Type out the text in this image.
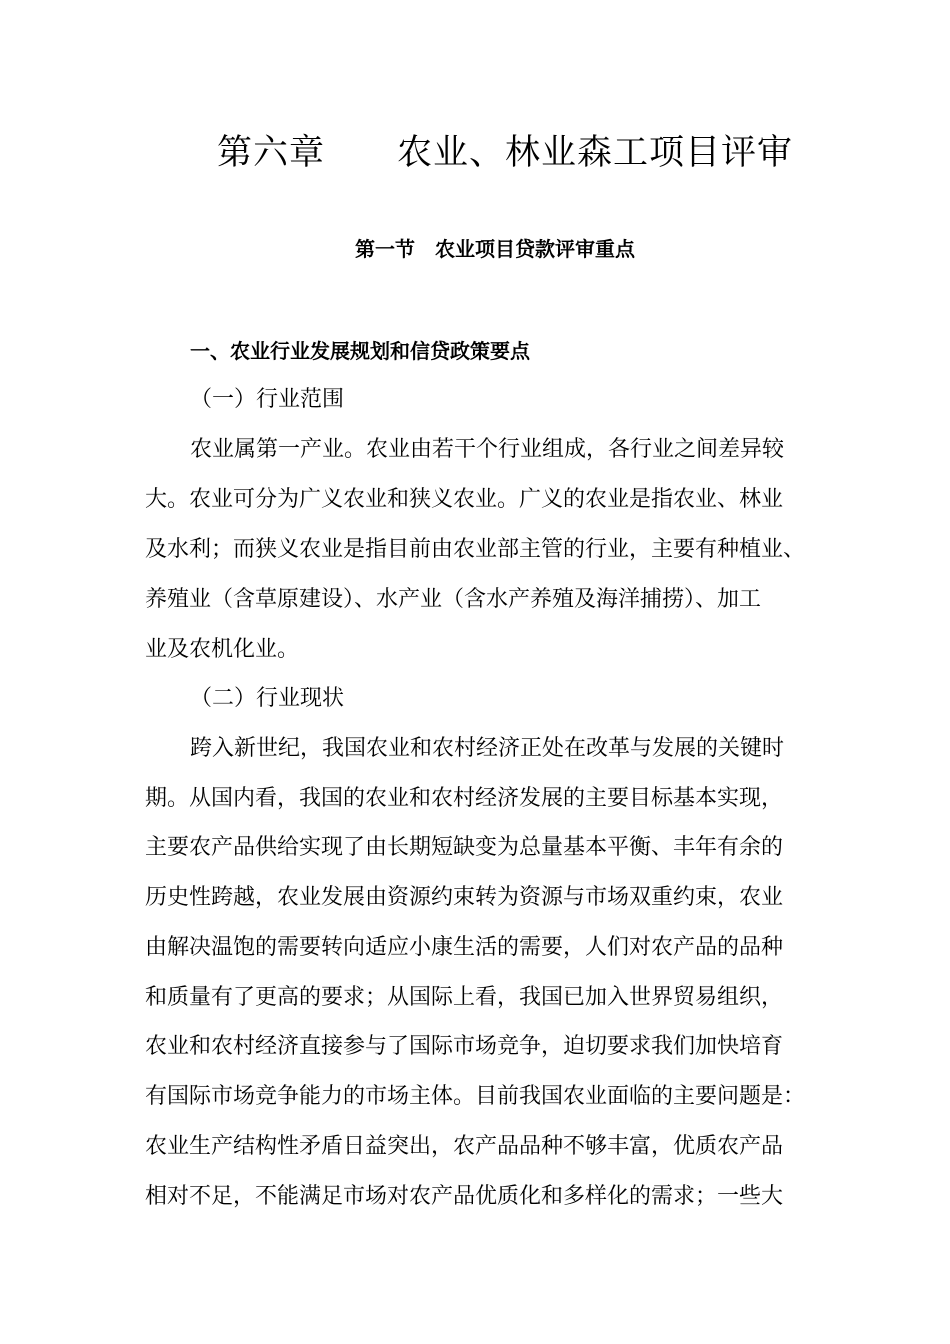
第六章　　农业、林业森工项目评审
第一节　农业项目贷款评审重点
一、农业行业发展规划和信贷政策要点
（一）行业范围
农业属第一产业。农业由若干个行业组成，各行业之间差异较
大。农业可分为广义农业和狭义农业。广义的农业是指农业、林业
及水利；而狭义农业是指目前由农业部主管的行业，主要有种植业、
养殖业（含草原建设）、水产业（含水产养殖及海洋捕捞）、加工
业及农机化业。
（二）行业现状
跨入新世纪，我国农业和农村经济正处在改革与发展的关键时
期。从国内看，我国的农业和农村经济发展的主要目标基本实现，
主要农产品供给实现了由长期短缺变为总量基本平衡、丰年有余的
历史性跨越，农业发展由资源约束转为资源与市场双重约束，农业
由解决温饱的需要转向适应小康生活的需要，人们对农产品的品种
和质量有了更高的要求；从国际上看，我国已加入世界贸易组织，
农业和农村经济直接参与了国际市场竞争，迫切要求我们加快培育
有国际市场竞争能力的市场主体。目前我国农业面临的主要问题是：
农业生产结构性矛盾日益突出，农产品品种不够丰富，优质农产品
相对不足，不能满足市场对农产品优质化和多样化的需求；一些大
